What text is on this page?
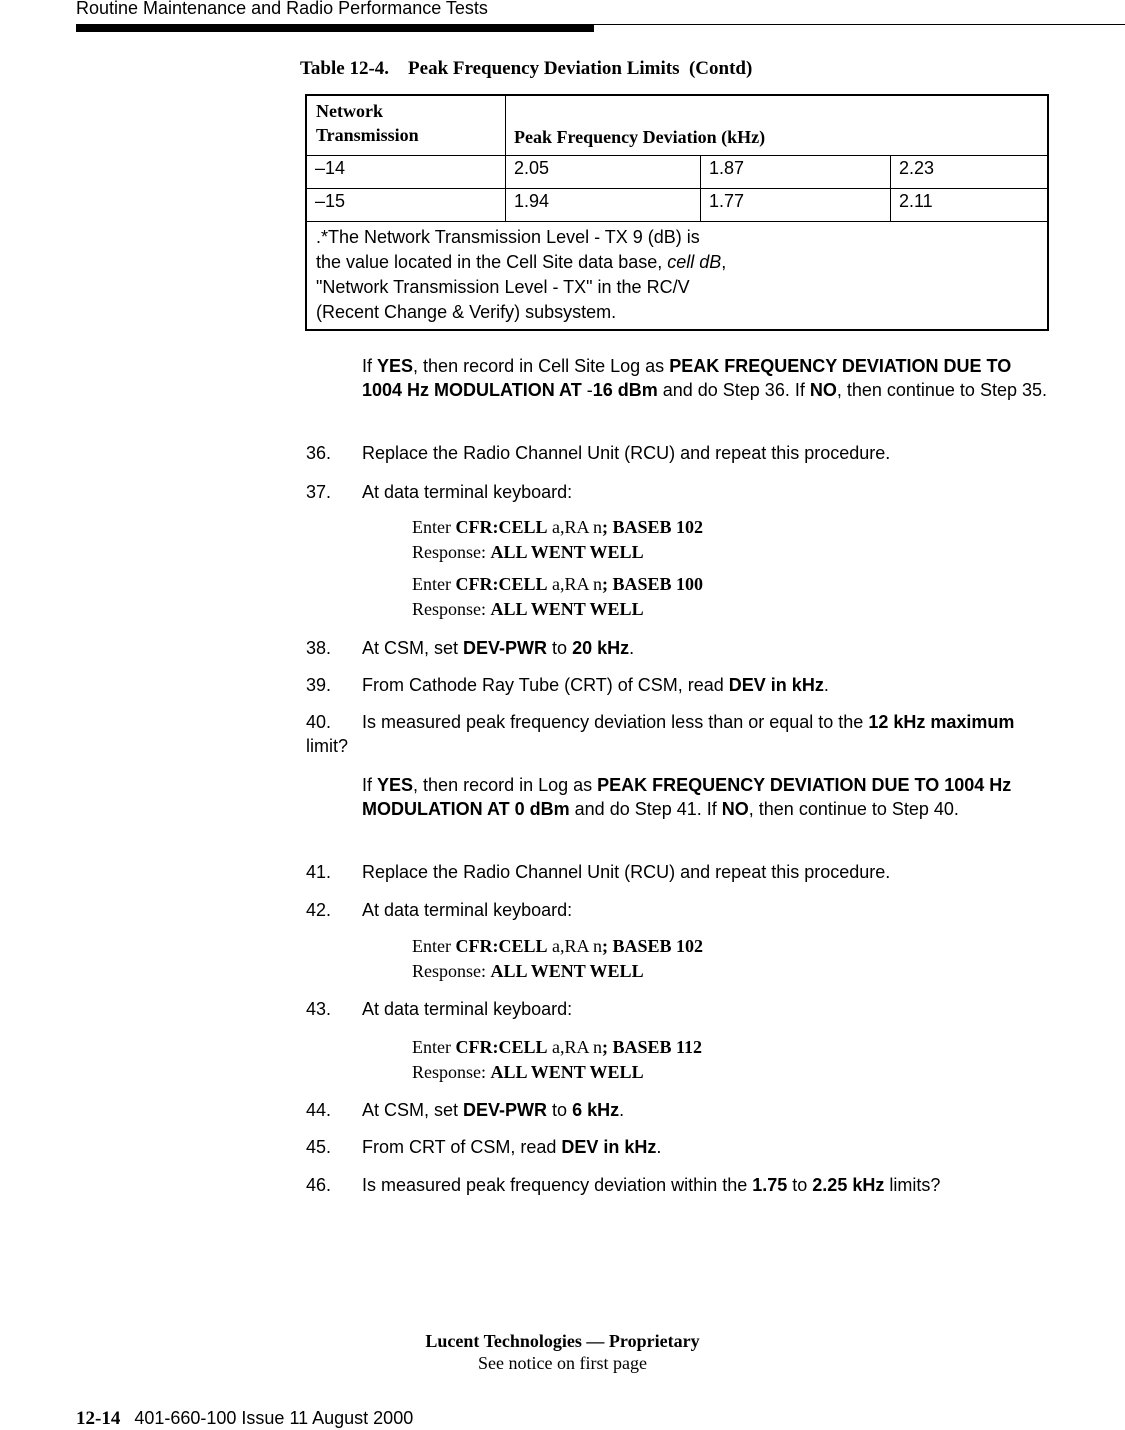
Routine Maintenance and Radio Performance Tests
Table 12-4.    Peak Frequency Deviation Limits  (Contd)
Network
Transmission	Peak Frequency Deviation (kHz)
–14	2.05	1.87	2.23
–15	1.94	1.77	2.11
.*The Network Transmission Level - TX 9 (dB) is
the value located in the Cell Site data base, cell dB,
"Network Transmission Level - TX" in the RC/V
(Recent Change & Verify) subsystem.
If YES, then record in Cell Site Log as PEAK FREQUENCY DEVIATION DUE TO 1004 Hz MODULATION AT -16 dBm and do Step 36. If NO, then continue to Step 35.
36. Replace the Radio Channel Unit (RCU) and repeat this procedure.
37. At data terminal keyboard:
Enter CFR:CELL a,RA n; BASEB 102
Response: ALL WENT WELL
Enter CFR:CELL a,RA n; BASEB 100
Response: ALL WENT WELL
38. At CSM, set DEV-PWR to 20 kHz.
39. From Cathode Ray Tube (CRT) of CSM, read DEV in kHz.
40. Is measured peak frequency deviation less than or equal to the 12 kHz maximum limit?
If YES, then record in Log as PEAK FREQUENCY DEVIATION DUE TO 1004 Hz MODULATION AT 0 dBm and do Step 41. If NO, then continue to Step 40.
41. Replace the Radio Channel Unit (RCU) and repeat this procedure.
42. At data terminal keyboard:
Enter CFR:CELL a,RA n; BASEB 102
Response: ALL WENT WELL
43. At data terminal keyboard:
Enter CFR:CELL a,RA n; BASEB 112
Response: ALL WENT WELL
44. At CSM, set DEV-PWR to 6 kHz.
45. From CRT of CSM, read DEV in kHz.
46. Is measured peak frequency deviation within the 1.75 to 2.25 kHz limits?
Lucent Technologies — Proprietary
See notice on first page
12-14 401-660-100 Issue 11 August 2000
